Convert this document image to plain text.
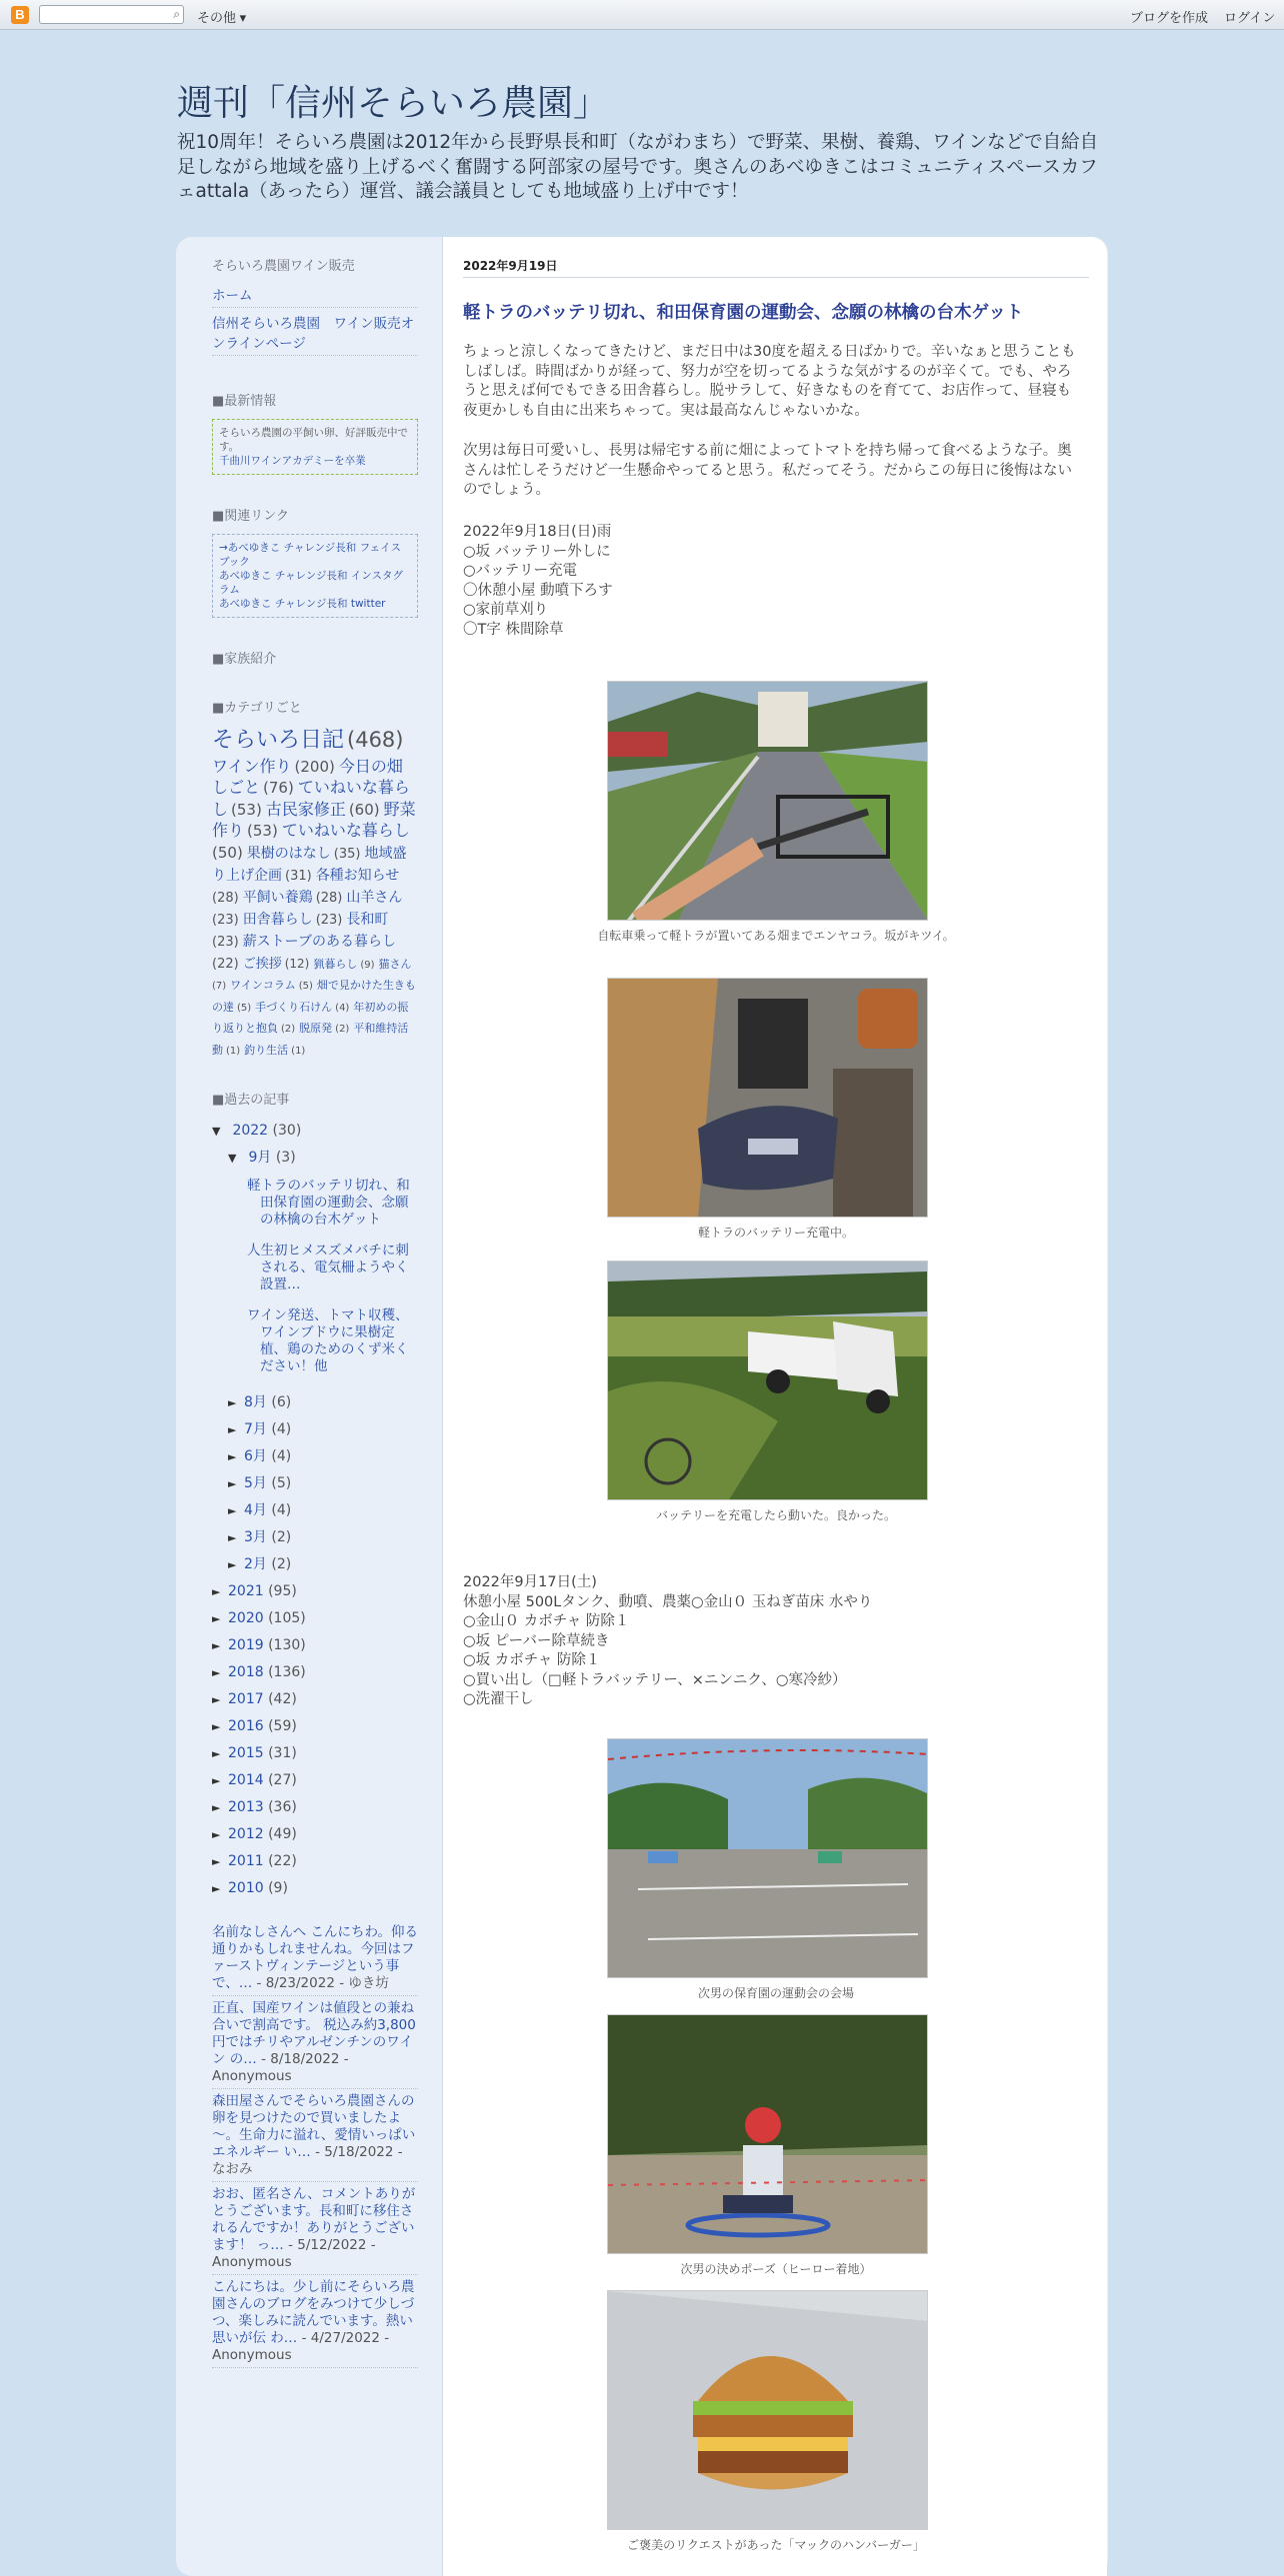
B	⌕ その他 ▾	ブログを作成 ログイン
週刊「信州そらいろ農園」

祝10周年！そらいろ農園は2012年から長野県長和町（ながわまち）で野菜、果樹、養鶏、ワインなどで自給自足しながら地域を盛り上げるべく奮闘する阿部家の屋号です。奥さんのあべゆきこはコミュニティスペースカフェattala（あったら）運営、議会議員としても地域盛り上げ中です！

そらいろ農園ワイン販売
ホーム
信州そらいろ農園　ワイン販売オンラインページ
■最新情報
そらいろ農園の平飼い卵、好評販売中です。
千曲川ワインアカデミーを卒業
■関連リンク
→あべゆきこ チャレンジ長和 フェイスブック
あべゆきこ チャレンジ長和 インスタグラム
あべゆきこ チャレンジ長和 twitter
■家族紹介
■カテゴリごと
そらいろ日記 (468)ワイン作り (200) 今日の畑しごと (76) ていねいな暮らし (53) 古民家修正 (60) 野菜作り (53) ていねいな暮らし(50) 果樹のはなし (35) 地域盛り上げ企画 (31) 各種お知らせ(28) 平飼い養鶏 (28) 山羊さん(23) 田舎暮らし (23) 長和町(23) 薪ストーブのある暮らし(22) ご挨拶 (12) 猟暮らし (9) 猫さん(7) ワインコラム (5) 畑で見かけた生きもの達 (5) 手づくり石けん (4) 年初めの振り返りと抱負 (2) 脱原発 (2) 平和維持活動 (1) 釣り生活 (1)
■過去の記事
▼ 2022 (30)
▼ 9月 (3)
軽トラのバッテリ切れ、和田保育園の運動会、念願の林檎の台木ゲット
人生初ヒメスズメバチに刺される、電気柵ようやく設置…
ワイン発送、トマト収穫、ワインブドウに果樹定植、鶏のためのくず米ください！他
► 8月 (6)
► 7月 (4)
► 6月 (4)
► 5月 (5)
► 4月 (4)
► 3月 (2)
► 2月 (2)
► 2021 (95)
► 2020 (105)
► 2019 (130)
► 2018 (136)
► 2017 (42)
► 2016 (59)
► 2015 (31)
► 2014 (27)
► 2013 (36)
► 2012 (49)
► 2011 (22)
► 2010 (9)
名前なしさんへ こんにちわ。仰る通りかもしれませんね。今回はファーストヴィンテージという事で、… - 8/23/2022 - ゆき坊
正直、国産ワインは値段との兼ね合いで割高です。 税込み約3,800円ではチリやアルゼンチンのワイン の… - 8/18/2022 - Anonymous
森田屋さんでそらいろ農園さんの卵を見つけたので買いましたよ～。生命力に溢れ、愛情いっぱいエネルギー い… - 5/18/2022 - なおみ
おお、匿名さん、コメントありがとうございます。長和町に移住されるんですか！ありがとうございます！ っ… - 5/12/2022 - Anonymous
こんにちは。少し前にそらいろ農園さんのブログをみつけて少しづつ、楽しみに読んでいます。熱い思いが伝 わ… - 4/27/2022 - Anonymous
2022年9月19日
軽トラのバッテリ切れ、和田保育園の運動会、念願の林檎の台木ゲット
ちょっと涼しくなってきたけど、まだ日中は30度を超える日ばかりで。辛いなぁと思うこともしばしば。時間ばかりが経って、努力が空を切ってるような気がするのが辛くて。でも、やろうと思えば何でもできる田舎暮らし。脱サラして、好きなものを育てて、お店作って、昼寝も夜更かしも自由に出来ちゃって。実は最高なんじゃないかな。
次男は毎日可愛いし、長男は帰宅する前に畑によってトマトを持ち帰って食べるような子。奥さんは忙しそうだけど一生懸命やってると思う。私だってそう。だからこの毎日に後悔はないのでしょう。
2022年9月18日(日)雨
○坂 バッテリー外しに
○バッテリー充電
〇休憩小屋 動噴下ろす
○家前草刈り
〇T字 株間除草
自転車乗って軽トラが置いてある畑までエンヤコラ。坂がキツイ。
軽トラのバッテリー充電中。
バッテリーを充電したら動いた。良かった。
2022年9月17日(土)
休憩小屋 500Lタンク、動噴、農薬○金山０ 玉ねぎ苗床 水やり
○金山０ カボチャ 防除１
○坂 ピーバー除草続き
○坂 カボチャ 防除１
○買い出し（□軽トラバッテリー、×ニンニク、○寒冷紗）
○洗濯干し
次男の保育園の運動会の会場
次男の決めポーズ（ヒーロー着地）
ご褒美のリクエストがあった「マックのハンバーガー」
